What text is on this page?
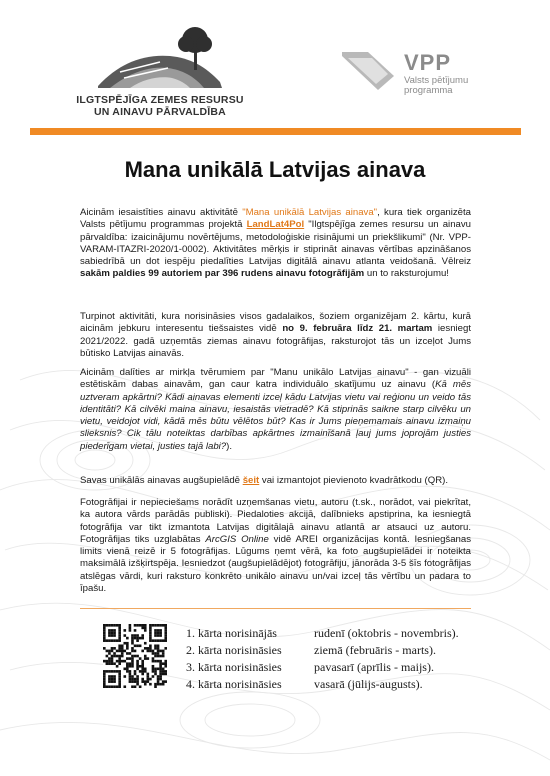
ILGTSPĒJĪGA ZEMES RESURSU
UN AINAVU PĀRVALDĪBA
VPP
Valsts pētījumu
programma
Mana unikālā Latvijas ainava

Aicinām iesaistīties ainavu aktivitātē "Mana unikālā Latvijas ainava", kura tiek organizēta Valsts pētījumu programmas projektā LandLat4Pol "Ilgtspējīga zemes resursu un ainavu pārvaldība: izaicinājumu novērtējums, metodoloģiskie risinājumi un priekšlikumi" (Nr. VPP-VARAM-ITAZRI-2020/1-0002). Aktivitātes mērķis ir stiprināt ainavas vērtības apzināšanos sabiedrībā un dot iespēju piedalīties Latvijas digitālā ainavu atlanta veidošanā. Vēlreiz sakām paldies 99 autoriem par 396 rudens ainavu fotogrāfijām un to raksturojumu!

Turpinot aktivitāti, kura norisināsies visos gadalaikos, šoziem organizējam 2. kārtu, kurā aicinām jebkuru interesentu tiešsaistes vidē no 9. februāra līdz 21. martam iesniegt 2021/2022. gadā uzņemtās ziemas ainavu fotogrāfijas, raksturojot tās un izceļot Jums būtisko Latvijas ainavās.

Aicinām dalīties ar mirkļa tvērumiem par "Manu unikālo Latvijas ainavu" - gan vizuāli estētiskām dabas ainavām, gan caur katra individuālo skatījumu uz ainavu (Kā mēs uztveram apkārtni? Kādi ainavas elementi izceļ kādu Latvijas vietu vai reģionu un veido tās identitāti? Kā cilvēki maina ainavu, iesaistās vietradē? Kā stiprinās saikne starp cilvēku un vietu, veidojot vidi, kādā mēs būtu vēlētos būt? Kas ir Jums pieņemamais ainavu izmaiņu slieksnis? Cik tālu noteiktas darbības apkārtnes izmainīšanā ļauj jums joprojām justies piederīgam vietai, justies tajā labi?).

Savas unikālās ainavas augšupielādē šeit vai izmantojot pievienoto kvadrātkodu (QR).

Fotogrāfijai ir nepieciešams norādīt uzņemšanas vietu, autoru (t.sk., norādot, vai piekrītat, ka autora vārds parādās publiski). Piedaloties akcijā, dalībnieks apstiprina, ka iesniegtā fotogrāfija var tikt izmantota Latvijas digitālajā ainavu atlantā ar atsauci uz autoru. Fotogrāfijas tiks uzglabātas ArcGIS Online vidē AREI organizācijas kontā. Iesniegšanas limits vienā reizē ir 5 fotogrāfijas. Lūgums ņemt vērā, ka foto augšupielādei ir noteikta maksimālā izšķirtspēja. Iesniedzot (augšupielādējot) fotogrāfiju, jānorāda 3-5 šīs fotogrāfijas atslēgas vārdi, kuri raksturo konkrēto unikālo ainavu un/vai izceļ tās vērtību un padara to īpašu.

1. kārta norisinājās	rudenī (oktobris - novembris).
2. kārta norisināsies	ziemā (februāris - marts).
3. kārta norisināsies	pavasarī (aprīlis - maijs).
4. kārta norisināsies	vasarā (jūlijs-augusts).
